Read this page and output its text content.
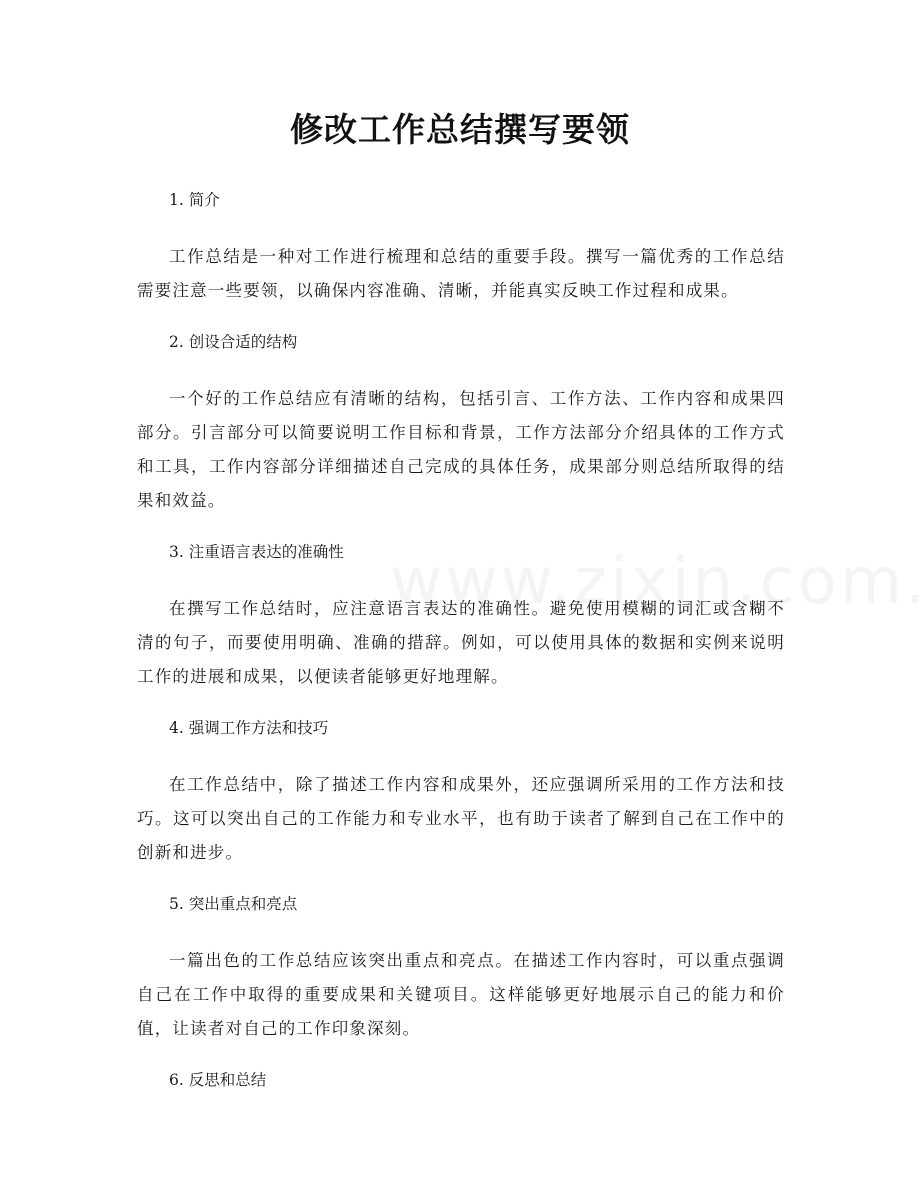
修改工作总结撰写要领

1. 简介

工作总结是一种对工作进行梳理和总结的重要手段。撰写一篇优秀的工作总结需要注意一些要领，以确保内容准确、清晰，并能真实反映工作过程和成果。

2. 创设合适的结构

一个好的工作总结应有清晰的结构，包括引言、工作方法、工作内容和成果四部分。引言部分可以简要说明工作目标和背景，工作方法部分介绍具体的工作方式和工具，工作内容部分详细描述自己完成的具体任务，成果部分则总结所取得的结果和效益。

3. 注重语言表达的准确性

在撰写工作总结时，应注意语言表达的准确性。避免使用模糊的词汇或含糊不清的句子，而要使用明确、准确的措辞。例如，可以使用具体的数据和实例来说明工作的进展和成果，以便读者能够更好地理解。

4. 强调工作方法和技巧

在工作总结中，除了描述工作内容和成果外，还应强调所采用的工作方法和技巧。这可以突出自己的工作能力和专业水平，也有助于读者了解到自己在工作中的创新和进步。

5. 突出重点和亮点

一篇出色的工作总结应该突出重点和亮点。在描述工作内容时，可以重点强调自己在工作中取得的重要成果和关键项目。这样能够更好地展示自己的能力和价值，让读者对自己的工作印象深刻。

6. 反思和总结
